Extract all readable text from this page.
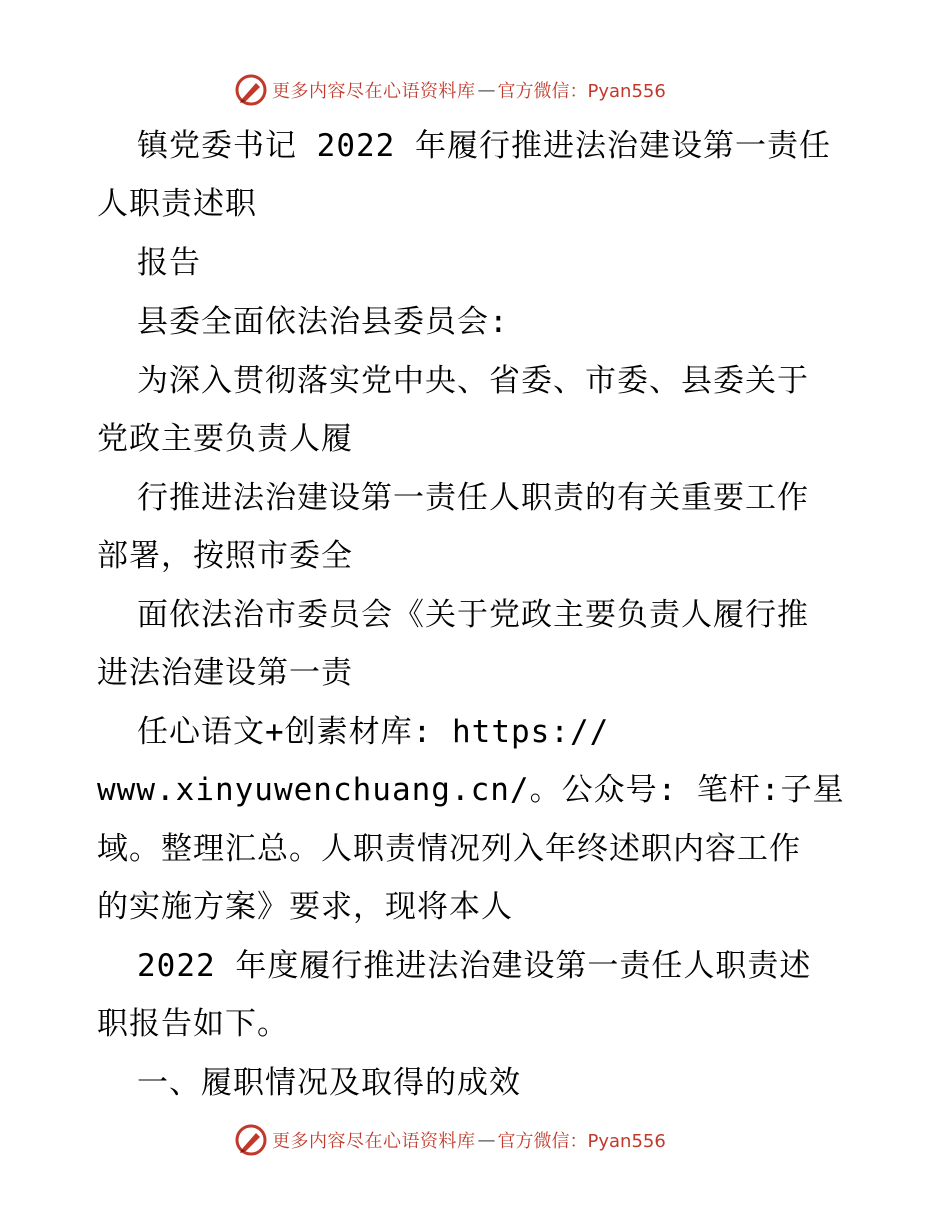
更多内容尽在心语资料库 — 官方微信：Pyan556
镇党委书记 2022 年履行推进法治建设第一责任
人职责述职
报告
县委全面依法治县委员会:
为深入贯彻落实党中央、省委、市委、县委关于
党政主要负责人履
行推进法治建设第一责任人职责的有关重要工作
部署，按照市委全
面依法治市委员会《关于党政主要负责人履行推
进法治建设第一责
任心语文+创素材库: https://
www.xinyuwenchuang.cn/。公众号: 笔杆:子星
域。整理汇总。人职责情况列入年终述职内容工作
的实施方案》要求，现将本人
2022 年度履行推进法治建设第一责任人职责述
职报告如下。
一、履职情况及取得的成效
更多内容尽在心语资料库 — 官方微信：Pyan556
